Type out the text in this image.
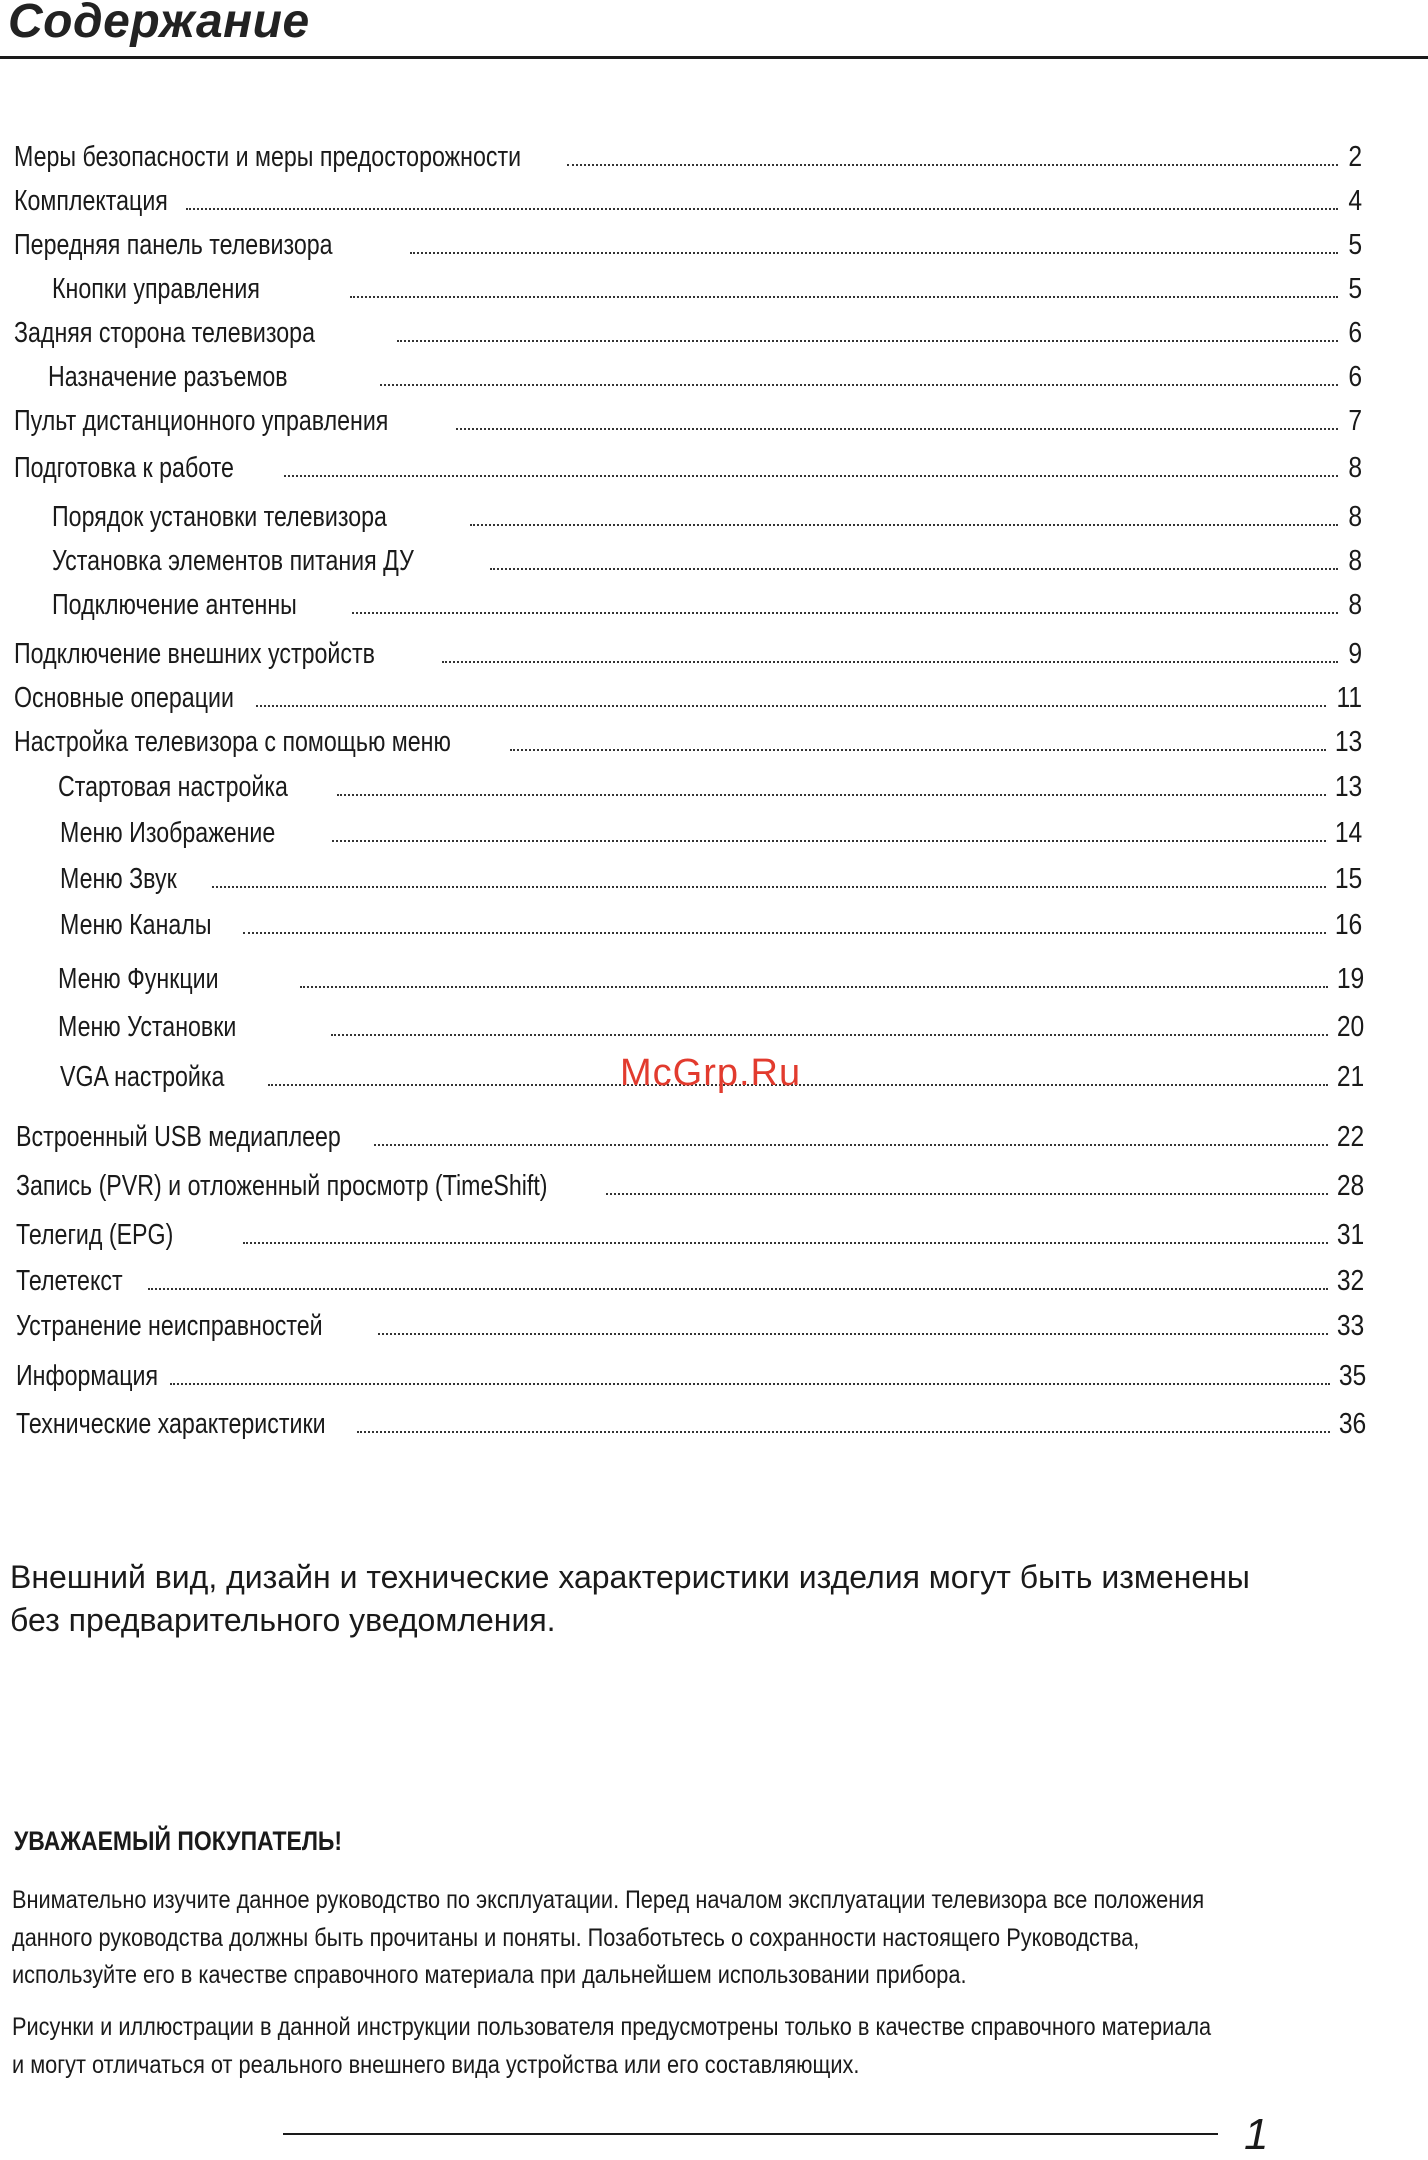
Содержание
Меры безопасности и меры предосторожности	2
Комплектация	4
Передняя панель телевизора	5
Кнопки управления	5
Задняя сторона телевизора	6
Назначение разъемов	6
Пульт дистанционного управления	7
Подготовка к работе	8
Порядок установки телевизора	8
Установка элементов питания ДУ	8
Подключение антенны	8
Подключение внешних устройств	9
Основные операции	11
Настройка телевизора с помощью меню	13
Стартовая настройка	13
Меню Изображение	14
Меню Звук	15
Меню Каналы	16
Меню Функции	19
Меню Установки	20
VGA настройка	21
Встроенный USB медиаплеер	22
Запись (PVR) и отложенный просмотр (TimeShift)	28
Телегид (EPG)	31
Телетекст	32
Устранение неисправностей	33
Информация	35
Технические характеристики	36
McGrp.Ru
Внешний вид, дизайн и технические характеристики изделия могут быть изменены
без предварительного уведомления.
УВАЖАЕМЫЙ ПОКУПАТЕЛЬ!
Внимательно изучите данное руководство по эксплуатации. Перед началом эксплуатации телевизора все положения
данного руководства должны быть прочитаны и поняты. Позаботьтесь о сохранности настоящего Руководства,
используйте его в качестве справочного материала при дальнейшем использовании прибора.
Рисунки и иллюстрации в данной инструкции пользователя предусмотрены только в качестве справочного материала
и могут отличаться от реального внешнего вида устройства или его составляющих.
1
